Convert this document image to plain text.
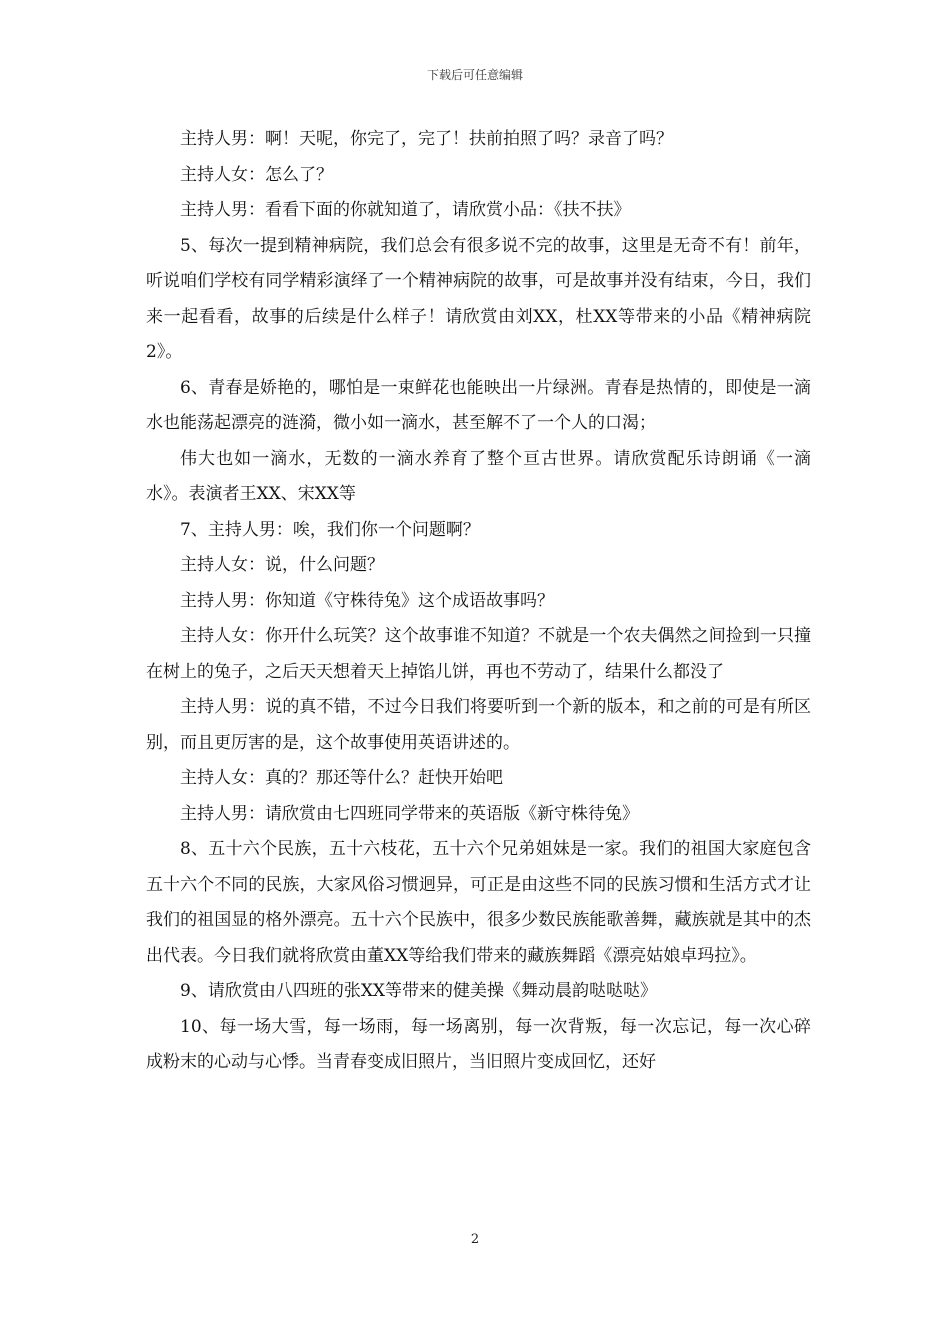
下载后可任意编辑

主持人男：啊！天呢，你完了，完了！扶前拍照了吗？录音了吗？

主持人女：怎么了？

主持人男：看看下面的你就知道了，请欣赏小品：《扶不扶》

5、每次一提到精神病院，我们总会有很多说不完的故事，这里是无奇不有！前年，听说咱们学校有同学精彩演绎了一个精神病院的故事，可是故事并没有结束，今日，我们来一起看看，故事的后续是什么样子！请欣赏由刘XX，杜XX等带来的小品《精神病院2》。

6、青春是娇艳的，哪怕是一束鲜花也能映出一片绿洲。青春是热情的，即使是一滴水也能荡起漂亮的涟漪，微小如一滴水，甚至解不了一个人的口渴；

伟大也如一滴水，无数的一滴水养育了整个亘古世界。请欣赏配乐诗朗诵《一滴水》。表演者王XX、宋XX等

7、主持人男：唉，我们你一个问题啊？

主持人女：说，什么问题？

主持人男：你知道《守株待兔》这个成语故事吗？

主持人女：你开什么玩笑？这个故事谁不知道？不就是一个农夫偶然之间捡到一只撞在树上的兔子，之后天天想着天上掉馅儿饼，再也不劳动了，结果什么都没了

主持人男：说的真不错，不过今日我们将要听到一个新的版本，和之前的可是有所区别，而且更厉害的是，这个故事使用英语讲述的。

主持人女：真的？那还等什么？赶快开始吧

主持人男：请欣赏由七四班同学带来的英语版《新守株待兔》

8、五十六个民族，五十六枝花，五十六个兄弟姐妹是一家。我们的祖国大家庭包含五十六个不同的民族，大家风俗习惯迥异，可正是由这些不同的民族习惯和生活方式才让我们的祖国显的格外漂亮。五十六个民族中，很多少数民族能歌善舞，藏族就是其中的杰出代表。今日我们就将欣赏由董XX等给我们带来的藏族舞蹈《漂亮姑娘卓玛拉》。

9、请欣赏由八四班的张XX等带来的健美操《舞动晨韵哒哒哒》

10、每一场大雪，每一场雨，每一场离别，每一次背叛，每一次忘记，每一次心碎成粉末的心动与心悸。当青春变成旧照片，当旧照片变成回忆，还好

2
